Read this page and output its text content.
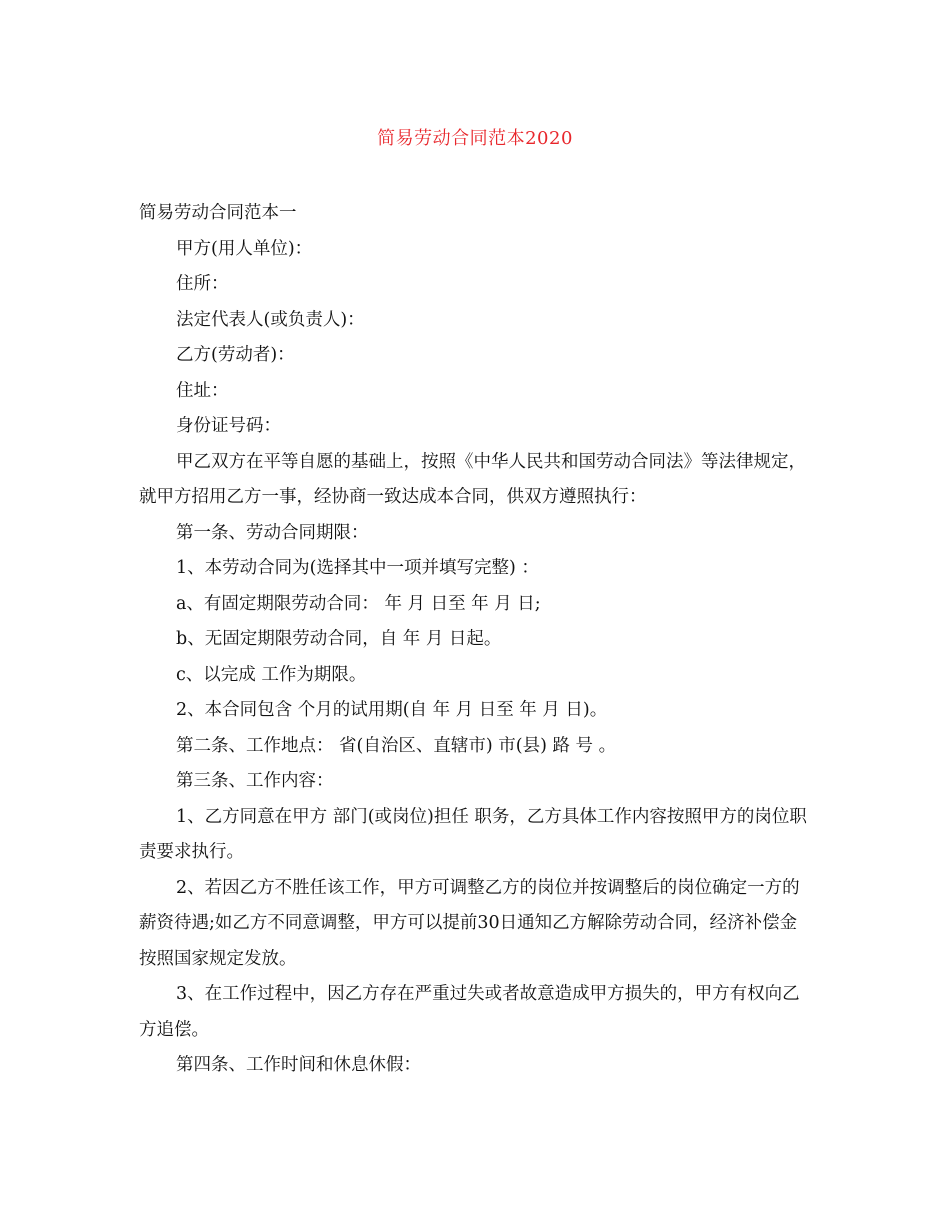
简易劳动合同范本2020

简易劳动合同范本一

甲方(用人单位)：

住所：

法定代表人(或负责人)：

乙方(劳动者)：

住址：

身份证号码：

甲乙双方在平等自愿的基础上，按照《中华人民共和国劳动合同法》等法律规定，就甲方招用乙方一事，经协商一致达成本合同，供双方遵照执行：

第一条、劳动合同期限：

1、本劳动合同为(选择其中一项并填写完整) ：

a、有固定期限劳动合同： 年 月 日至 年 月 日;

b、无固定期限劳动合同，自 年 月 日起。

c、以完成 工作为期限。

2、本合同包含 个月的试用期(自 年 月 日至 年 月 日)。

第二条、工作地点： 省(自治区、直辖市) 市(县) 路 号 。

第三条、工作内容：

1、乙方同意在甲方 部门(或岗位)担任 职务，乙方具体工作内容按照甲方的岗位职责要求执行。

2、若因乙方不胜任该工作，甲方可调整乙方的岗位并按调整后的岗位确定一方的薪资待遇;如乙方不同意调整，甲方可以提前30日通知乙方解除劳动合同，经济补偿金按照国家规定发放。

3、在工作过程中，因乙方存在严重过失或者故意造成甲方损失的，甲方有权向乙方追偿。

第四条、工作时间和休息休假：
